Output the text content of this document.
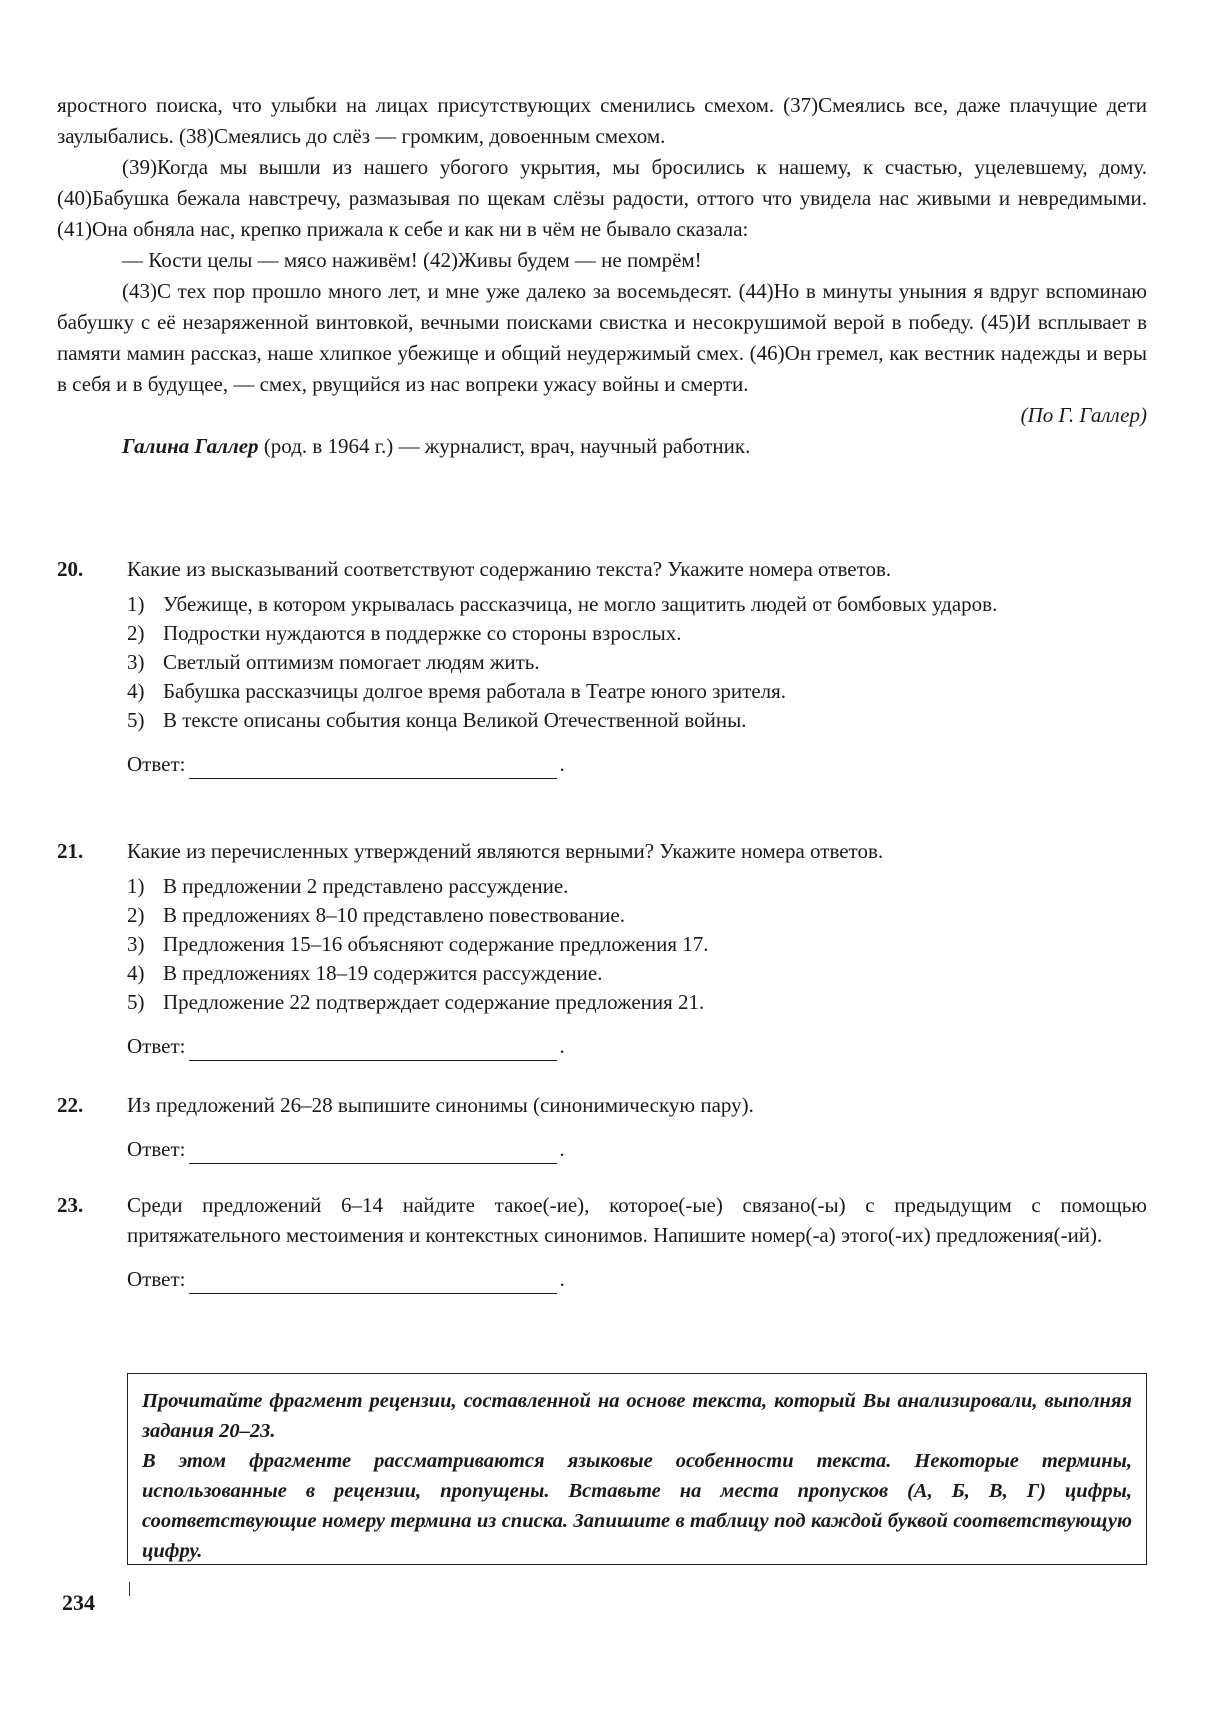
яростного поиска, что улыбки на лицах присутствующих сменились смехом. (37)Смеялись все, даже плачущие дети заулыбались. (38)Смеялись до слёз — громким, довоенным смехом.

(39)Когда мы вышли из нашего убогого укрытия, мы бросились к нашему, к счастью, уцелевшему, дому. (40)Бабушка бежала навстречу, размазывая по щекам слёзы радости, оттого что увидела нас живыми и невредимыми. (41)Она обняла нас, крепко прижала к себе и как ни в чём не бывало сказала:

— Кости целы — мясо наживём! (42)Живы будем — не помрём!

(43)С тех пор прошло много лет, и мне уже далеко за восемьдесят. (44)Но в минуты уныния я вдруг вспоминаю бабушку с её незаряженной винтовкой, вечными поисками свистка и несокрушимой верой в победу. (45)И всплывает в памяти мамин рассказ, наше хлипкое убежище и общий неудержимый смех. (46)Он гремел, как вестник надежды и веры в себя и в будущее, — смех, рвущийся из нас вопреки ужасу войны и смерти.

(По Г. Галлер)

Галина Галлер (род. в 1964 г.) — журналист, врач, научный работник.

20. Какие из высказываний соответствуют содержанию текста? Укажите номера ответов.
1) Убежище, в котором укрывалась рассказчица, не могло защитить людей от бомбовых ударов.
2) Подростки нуждаются в поддержке со стороны взрослых.
3) Светлый оптимизм помогает людям жить.
4) Бабушка рассказчицы долгое время работала в Театре юного зрителя.
5) В тексте описаны события конца Великой Отечественной войны.
Ответ:	.
21. Какие из перечисленных утверждений являются верными? Укажите номера ответов.
1) В предложении 2 представлено рассуждение.
2) В предложениях 8–10 представлено повествование.
3) Предложения 15–16 объясняют содержание предложения 17.
4) В предложениях 18–19 содержится рассуждение.
5) Предложение 22 подтверждает содержание предложения 21.
Ответ:	.
22. Из предложений 26–28 выпишите синонимы (синонимическую пару).
Ответ:	.
23. Среди предложений 6–14 найдите такое(-ие), которое(-ые) связано(-ы) с предыдущим с помощью притяжательного местоимения и контекстных синонимов. Напишите номер(-а) этого(-их) предложения(-ий).
Ответ:	.

Прочитайте фрагмент рецензии, составленной на основе текста, который Вы анализировали, выполняя задания 20–23.

В этом фрагменте рассматриваются языковые особенности текста. Некоторые термины, использованные в рецензии, пропущены. Вставьте на места пропусков (А, Б, В, Г) цифры, соответствующие номеру термина из списка. Запишите в таблицу под каждой буквой соответствующую цифру.

234
